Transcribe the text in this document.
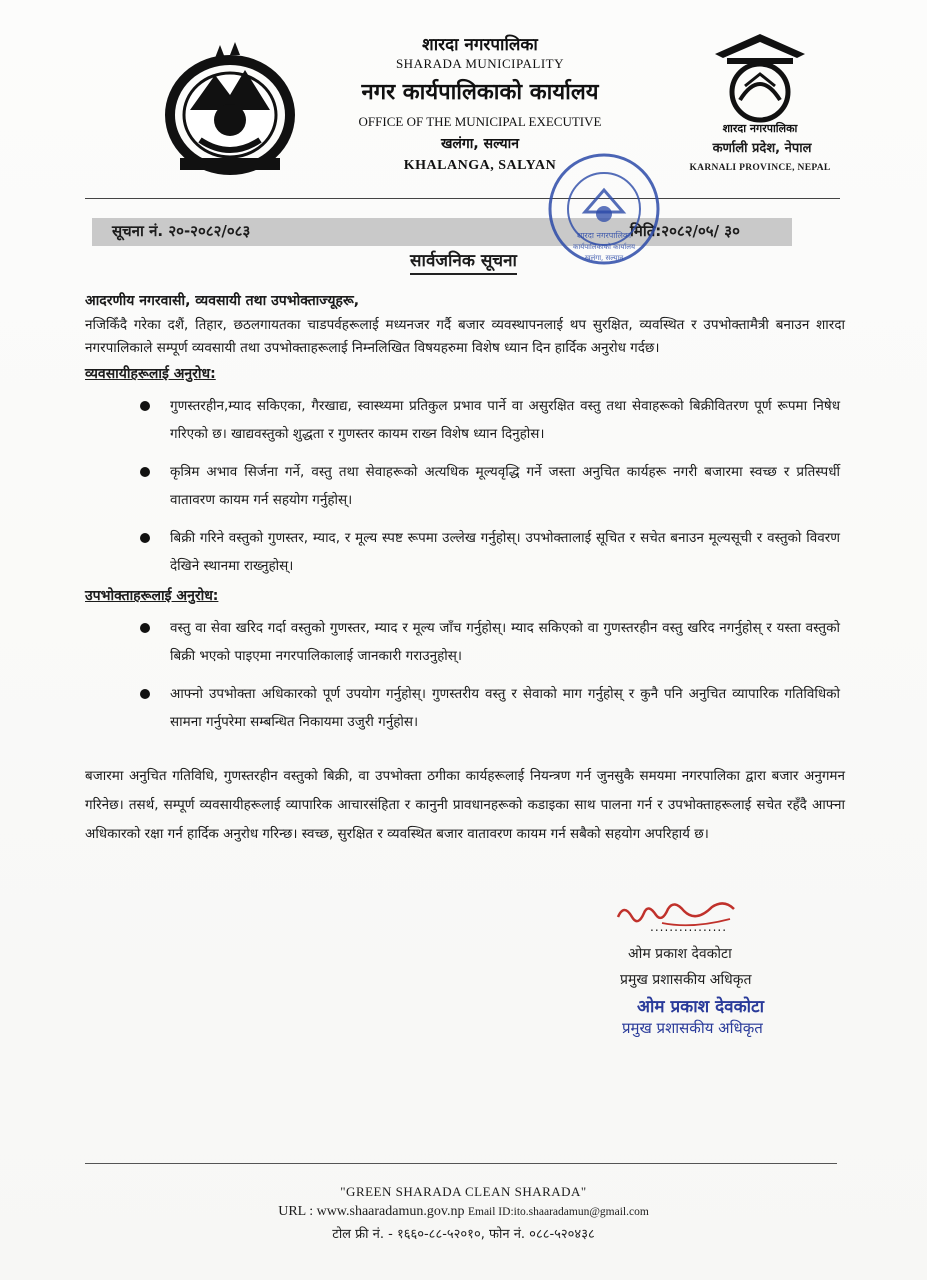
शारदा नगरपालिका
SHARADA MUNICIPALITY
नगर कार्यपालिकाको कार्यालय
OFFICE OF THE MUNICIPAL EXECUTIVE
खलंगा, सल्यान
KHALANGA, SALYAN
शारदा नगरपालिका
कर्णाली प्रदेश, नेपाल
KARNALI PROVINCE, NEPAL
सूचना नं. २०-२०८२/०८३	मिति:२०८२/०५/ ३०
शारदा नगरपालिका
कार्यपालिकाको कार्यालय
खलंगा, सल्यान
सार्वजनिक सूचना
आदरणीय नगरवासी, व्यवसायी तथा उपभोक्ताज्यूहरू,
नजिकिँदै गरेका दशैं, तिहार, छठलगायतका चाडपर्वहरूलाई मध्यनजर गर्दै बजार व्यवस्थापनलाई थप सुरक्षित, व्यवस्थित र उपभोक्तामैत्री बनाउन शारदा नगरपालिकाले सम्पूर्ण व्यवसायी तथा उपभोक्ताहरूलाई निम्नलिखित विषयहरुमा विशेष ध्यान दिन हार्दिक अनुरोध गर्दछ।
व्यवसायीहरूलाई अनुरोध:
गुणस्तरहीन,म्याद सकिएका, गैरखाद्य, स्वास्थ्यमा प्रतिकुल प्रभाव पार्ने वा असुरक्षित वस्तु तथा सेवाहरूको बिक्रीवितरण पूर्ण रूपमा निषेध गरिएको छ। खाद्यवस्तुको शुद्धता र गुणस्तर कायम राख्न विशेष ध्यान दिनुहोस।
कृत्रिम अभाव सिर्जना गर्ने, वस्तु तथा सेवाहरूको अत्यधिक मूल्यवृद्धि गर्ने जस्ता अनुचित कार्यहरू नगरी बजारमा स्वच्छ र प्रतिस्पर्धी वातावरण कायम गर्न सहयोग गर्नुहोस्।
बिक्री गरिने वस्तुको गुणस्तर, म्याद, र मूल्य स्पष्ट रूपमा उल्लेख गर्नुहोस्। उपभोक्तालाई सूचित र सचेत बनाउन मूल्यसूची र वस्तुको विवरण देखिने स्थानमा राख्नुहोस्।
उपभोक्ताहरूलाई अनुरोध:
वस्तु वा सेवा खरिद गर्दा वस्तुको गुणस्तर, म्याद र मूल्य जाँच गर्नुहोस्। म्याद सकिएको वा गुणस्तरहीन वस्तु खरिद नगर्नुहोस् र यस्ता वस्तुको बिक्री भएको पाइएमा नगरपालिकालाई जानकारी गराउनुहोस्।
आफ्नो उपभोक्ता अधिकारको पूर्ण उपयोग गर्नुहोस्। गुणस्तरीय वस्तु र सेवाको माग गर्नुहोस् र कुनै पनि अनुचित व्यापारिक गतिविधिको सामना गर्नुपरेमा सम्बन्धित निकायमा उजुरी गर्नुहोस।
बजारमा अनुचित गतिविधि, गुणस्तरहीन वस्तुको बिक्री, वा उपभोक्ता ठगीका कार्यहरूलाई नियन्त्रण गर्न जुनसुकै समयमा नगरपालिका द्वारा बजार अनुगमन गरिनेछ। तसर्थ, सम्पूर्ण व्यवसायीहरूलाई व्यापारिक आचारसंहिता र कानुनी प्रावधानहरूको कडाइका साथ पालना गर्न र उपभोक्ताहरूलाई सचेत रहँदै आफ्ना अधिकारको रक्षा गर्न हार्दिक अनुरोध गरिन्छ। स्वच्छ, सुरक्षित र व्यवस्थित बजार वातावरण कायम गर्न सबैको सहयोग अपरिहार्य छ।
................
ओम प्रकाश देवकोटा
प्रमुख प्रशासकीय अधिकृत
ओम प्रकाश देवकोटा
प्रमुख प्रशासकीय अधिकृत
"GREEN SHARADA CLEAN SHARADA"
URL : www.shaaradamun.gov.np Email ID:ito.shaaradamun@gmail.com
टोल फ्री नं. - १६६०-८८-५२०१०, फोन नं. ०८८-५२०४३८
